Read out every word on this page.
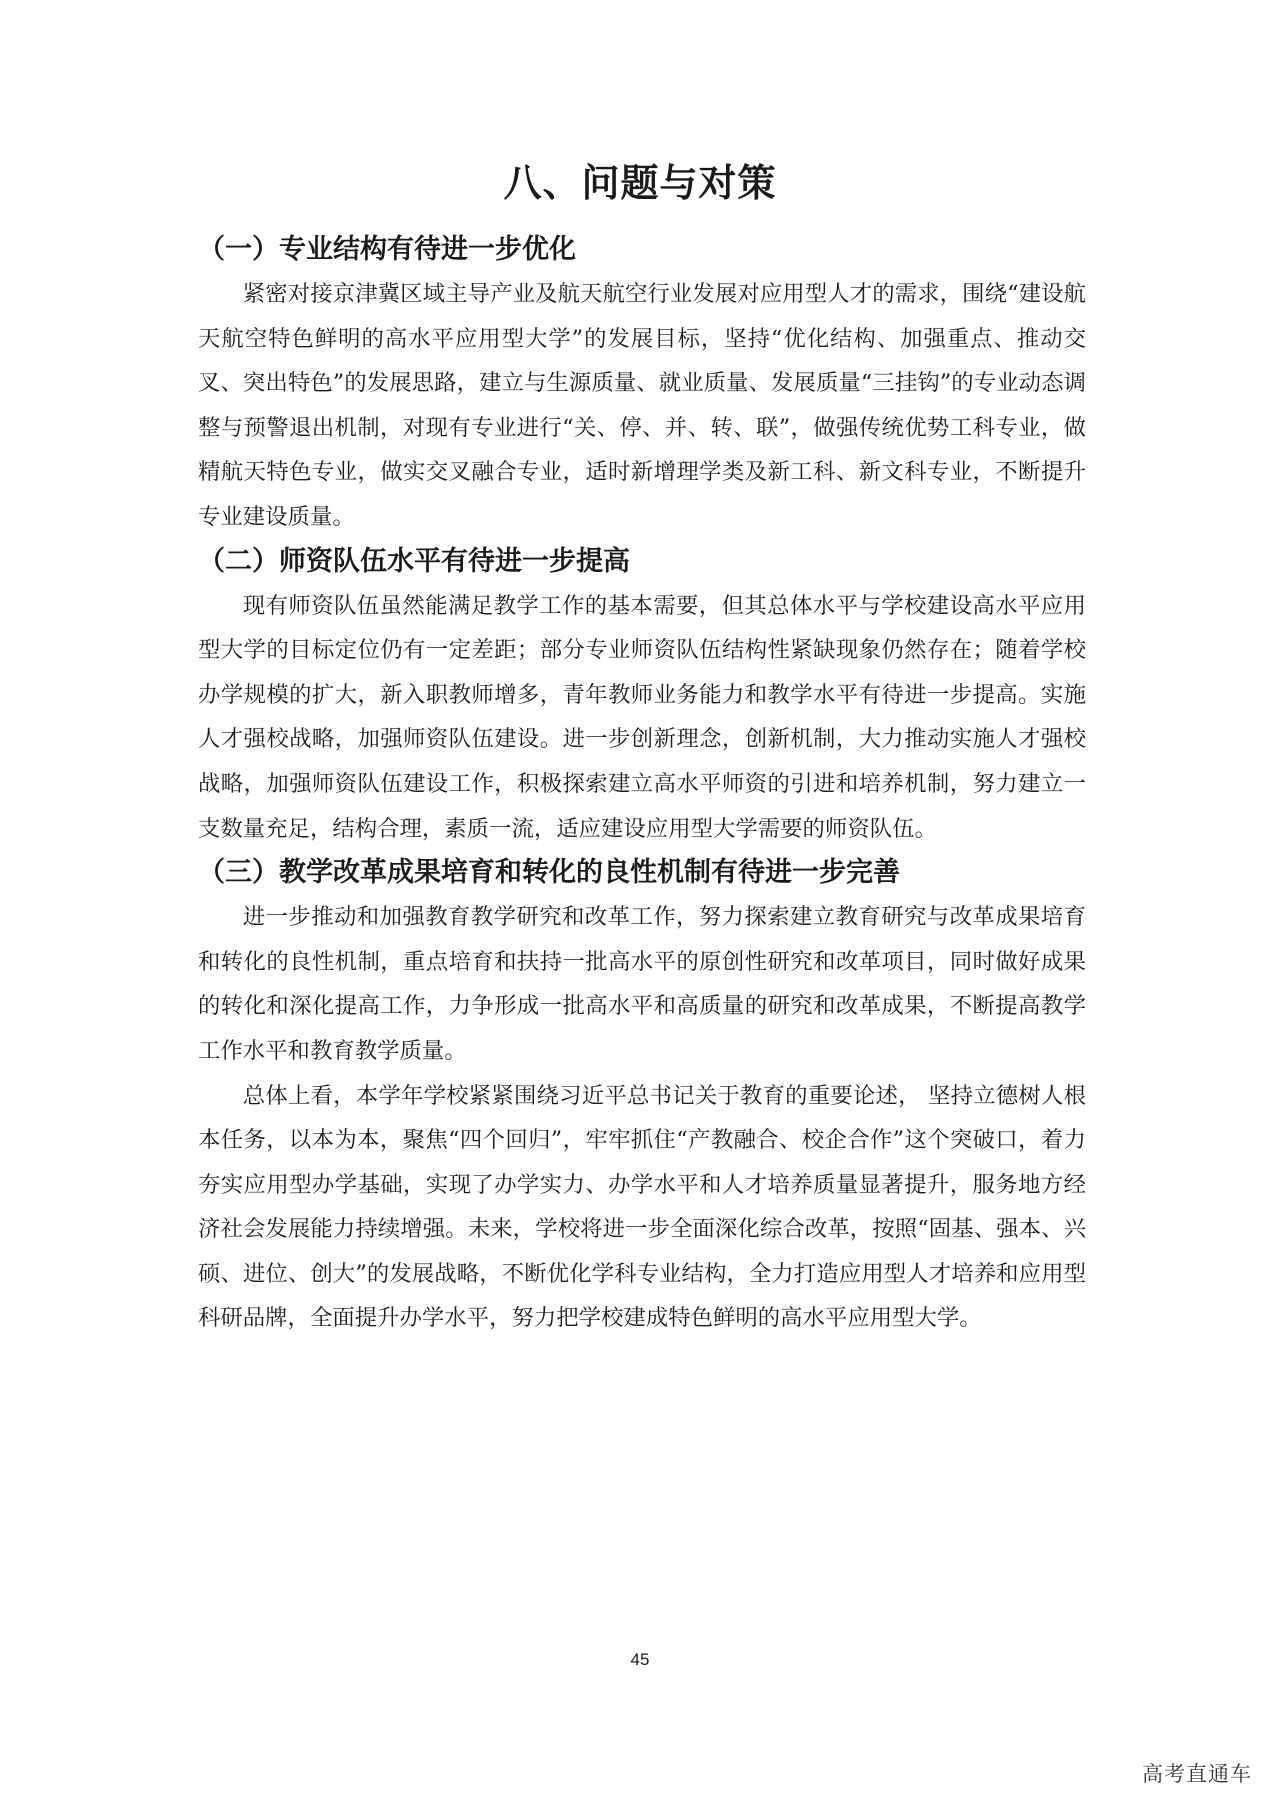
八、问题与对策
（一）专业结构有待进一步优化

紧密对接京津冀区域主导产业及航天航空行业发展对应用型人才的需求，围绕“建设航天航空特色鲜明的高水平应用型大学”的发展目标，坚持“优化结构、加强重点、推动交叉、突出特色”的发展思路，建立与生源质量、就业质量、发展质量“三挂钩”的专业动态调整与预警退出机制，对现有专业进行“关、停、并、转、联”，做强传统优势工科专业，做精航天特色专业，做实交叉融合专业，适时新增理学类及新工科、新文科专业，不断提升专业建设质量。

（二）师资队伍水平有待进一步提高

现有师资队伍虽然能满足教学工作的基本需要，但其总体水平与学校建设高水平应用型大学的目标定位仍有一定差距；部分专业师资队伍结构性紧缺现象仍然存在；随着学校办学规模的扩大，新入职教师增多，青年教师业务能力和教学水平有待进一步提高。实施人才强校战略，加强师资队伍建设。进一步创新理念，创新机制，大力推动实施人才强校战略，加强师资队伍建设工作，积极探索建立高水平师资的引进和培养机制，努力建立一支数量充足，结构合理，素质一流，适应建设应用型大学需要的师资队伍。

（三）教学改革成果培育和转化的良性机制有待进一步完善

进一步推动和加强教育教学研究和改革工作，努力探索建立教育研究与改革成果培育和转化的良性机制，重点培育和扶持一批高水平的原创性研究和改革项目，同时做好成果的转化和深化提高工作，力争形成一批高水平和高质量的研究和改革成果，不断提高教学工作水平和教育教学质量。

总体上看，本学年学校紧紧围绕习近平总书记关于教育的重要论述， 坚持立德树人根本任务，以本为本，聚焦“四个回归”，牢牢抓住“产教融合、校企合作”这个突破口，着力夯实应用型办学基础，实现了办学实力、办学水平和人才培养质量显著提升，服务地方经济社会发展能力持续增强。未来，学校将进一步全面深化综合改革，按照“固基、强本、兴硕、进位、创大”的发展战略，不断优化学科专业结构，全力打造应用型人才培养和应用型科研品牌，全面提升办学水平，努力把学校建成特色鲜明的高水平应用型大学。

45
高考直通车
